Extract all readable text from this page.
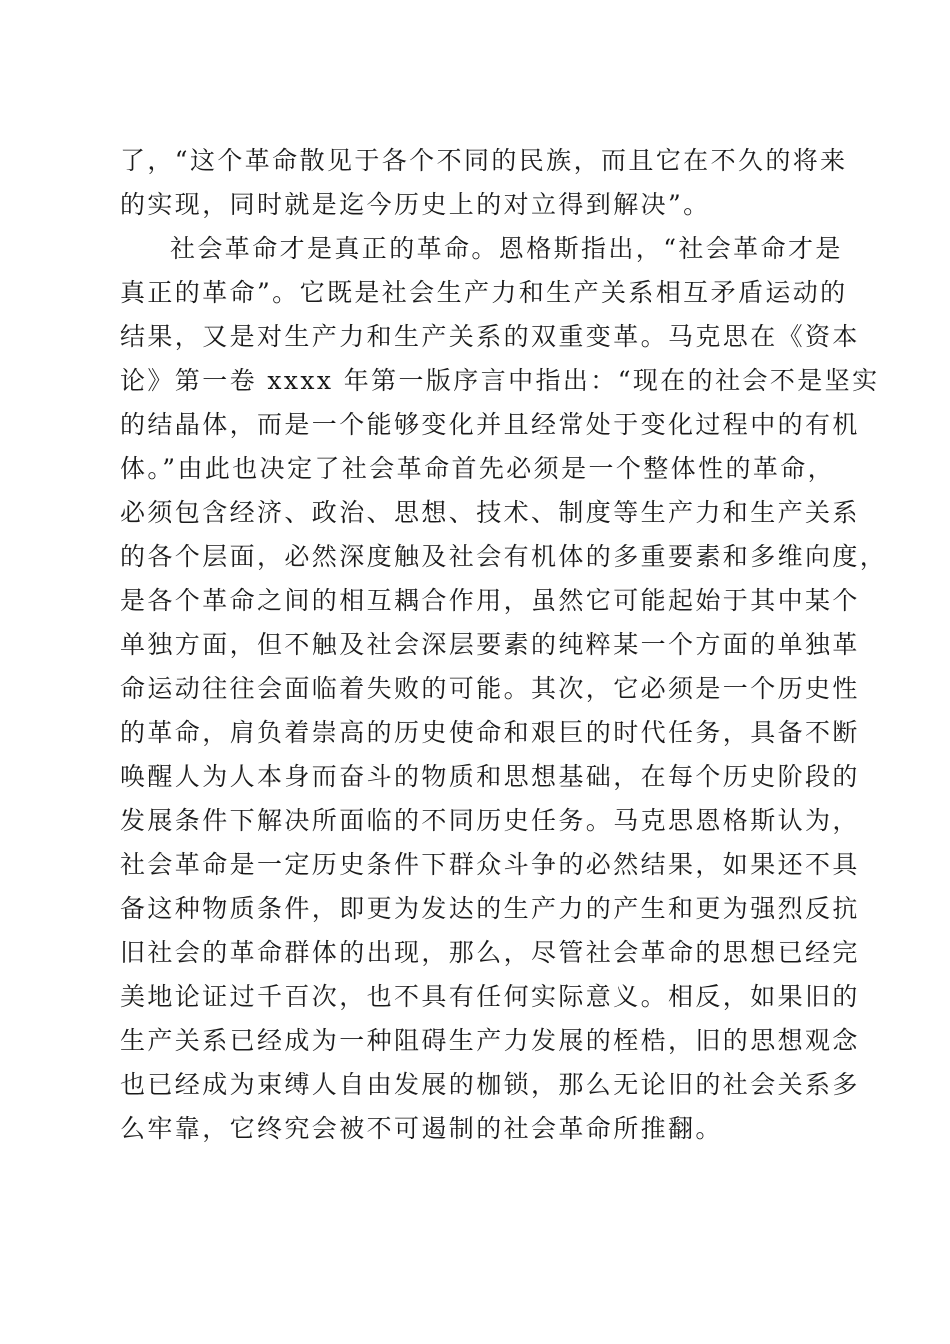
了，“这个革命散见于各个不同的民族，而且它在不久的将来
的实现，同时就是迄今历史上的对立得到解决”。
社会革命才是真正的革命。恩格斯指出，“社会革命才是
真正的革命”。它既是社会生产力和生产关系相互矛盾运动的
结果，又是对生产力和生产关系的双重变革。马克思在《资本
论》第一卷 xxxx 年第一版序言中指出：“现在的社会不是坚实
的结晶体，而是一个能够变化并且经常处于变化过程中的有机
体。”由此也决定了社会革命首先必须是一个整体性的革命，
必须包含经济、政治、思想、技术、制度等生产力和生产关系
的各个层面，必然深度触及社会有机体的多重要素和多维向度，
是各个革命之间的相互耦合作用，虽然它可能起始于其中某个
单独方面，但不触及社会深层要素的纯粹某一个方面的单独革
命运动往往会面临着失败的可能。其次，它必须是一个历史性
的革命，肩负着崇高的历史使命和艰巨的时代任务，具备不断
唤醒人为人本身而奋斗的物质和思想基础，在每个历史阶段的
发展条件下解决所面临的不同历史任务。马克思恩格斯认为，
社会革命是一定历史条件下群众斗争的必然结果，如果还不具
备这种物质条件，即更为发达的生产力的产生和更为强烈反抗
旧社会的革命群体的出现，那么，尽管社会革命的思想已经完
美地论证过千百次，也不具有任何实际意义。相反，如果旧的
生产关系已经成为一种阻碍生产力发展的桎梏，旧的思想观念
也已经成为束缚人自由发展的枷锁，那么无论旧的社会关系多
么牢靠，它终究会被不可遏制的社会革命所推翻。
